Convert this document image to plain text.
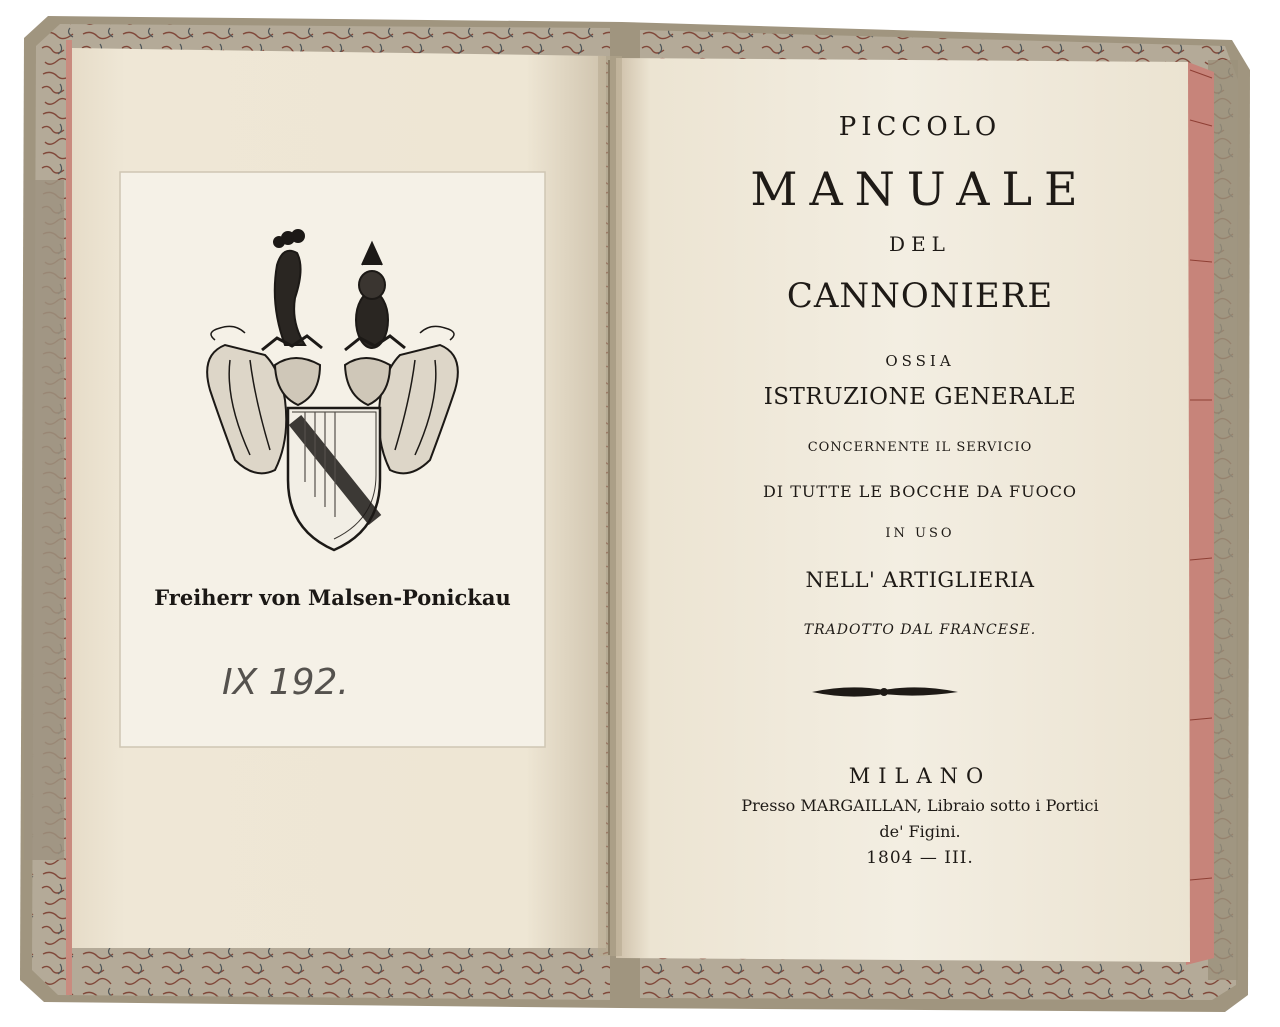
Freiherr von Malsen-Ponickau
IX 192.
PICCOLO
MANUALE
DEL
CANNONIERE
OSSIA
ISTRUZIONE GENERALE
CONCERNENTE IL SERVICIO
DI TUTTE LE BOCCHE DA FUOCO
IN USO
NELL' ARTIGLIERIA
TRADOTTO DAL FRANCESE.
MILANO
Presso MARGAILLAN, Libraio sotto i Portici
de' Figini.
1804 — III.
